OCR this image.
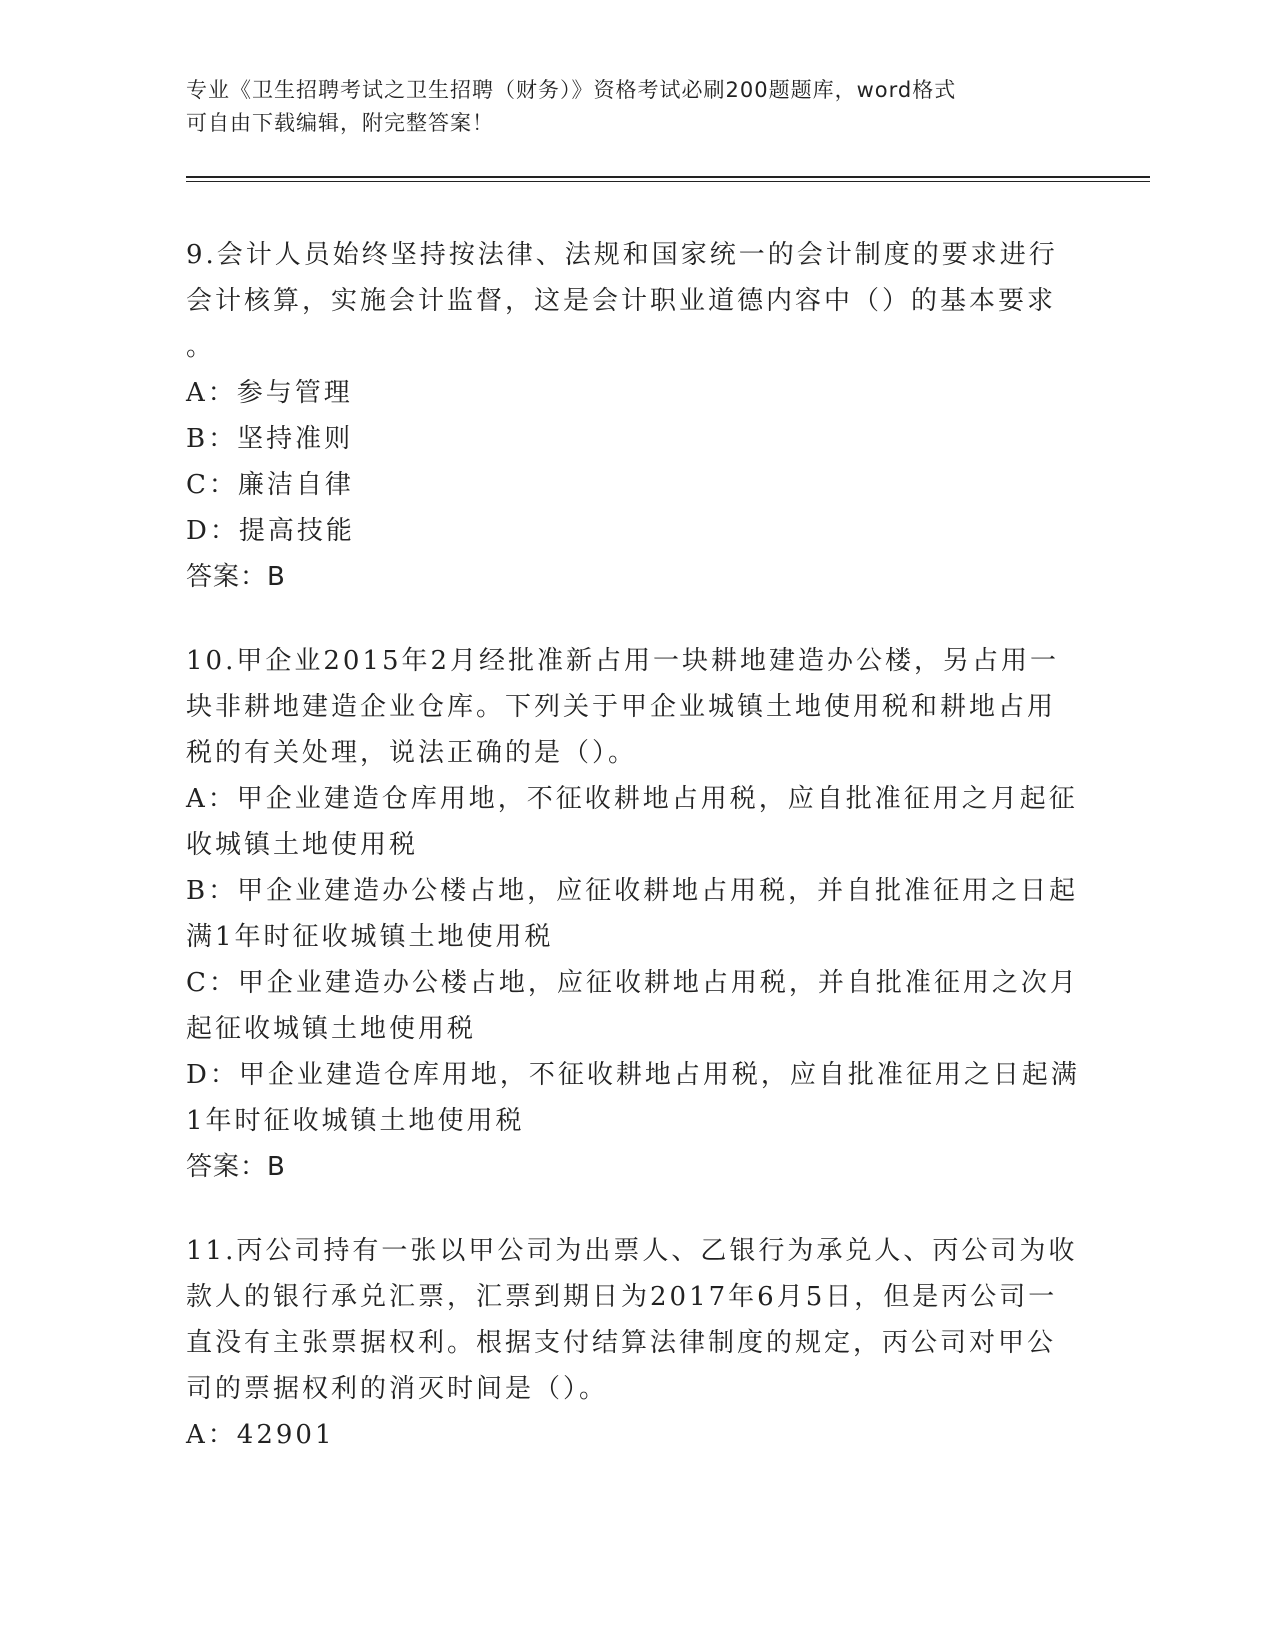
专业《卫生招聘考试之卫生招聘（财务）》资格考试必刷200题题库，word格式
可自由下载编辑，附完整答案！

9.会计人员始终坚持按法律、法规和国家统一的会计制度的要求进行

会计核算，实施会计监督，这是会计职业道德内容中（）的基本要求

。

A：参与管理

B：坚持准则

C：廉洁自律

D：提高技能

答案：B

10.甲企业2015年2月经批准新占用一块耕地建造办公楼，另占用一

块非耕地建造企业仓库。下列关于甲企业城镇土地使用税和耕地占用

税的有关处理，说法正确的是（）。

A：甲企业建造仓库用地，不征收耕地占用税，应自批准征用之月起征

收城镇土地使用税

B：甲企业建造办公楼占地，应征收耕地占用税，并自批准征用之日起

满1年时征收城镇土地使用税

C：甲企业建造办公楼占地，应征收耕地占用税，并自批准征用之次月

起征收城镇土地使用税

D：甲企业建造仓库用地，不征收耕地占用税，应自批准征用之日起满

1年时征收城镇土地使用税

答案：B

11.丙公司持有一张以甲公司为出票人、乙银行为承兑人、丙公司为收

款人的银行承兑汇票，汇票到期日为2017年6月5日，但是丙公司一

直没有主张票据权利。根据支付结算法律制度的规定，丙公司对甲公

司的票据权利的消灭时间是（）。

A：42901
